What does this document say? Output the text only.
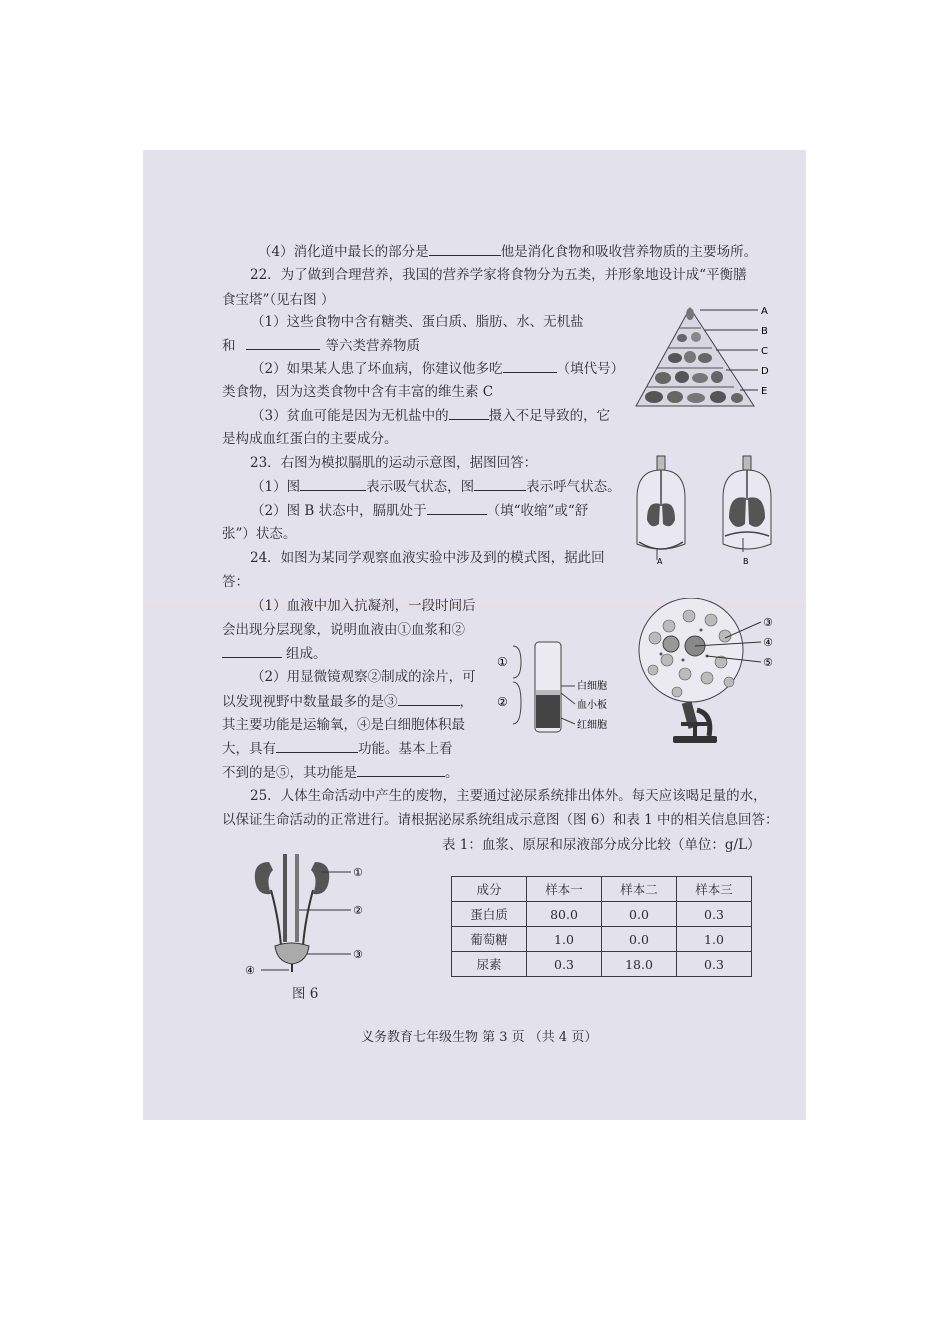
（4）消化道中最长的部分是	他是消化食物和吸收营养物质的主要场所。
22．为了做到合理营养，我国的营养学家将食物分为五类，并形象地设计成“平衡膳
食宝塔”（见右图 ）
（1）这些食物中含有糖类、蛋白质、脂肪、水、无机盐
和	等六类营养物质
（2）如果某人患了坏血病，你建议他多吃	（填代号）
类食物，因为这类食物中含有丰富的维生素 C
（3）贫血可能是因为无机盐中的	摄入不足导致的，它
是构成血红蛋白的主要成分。
A
B
C
D
E
23．右图为模拟膈肌的运动示意图，据图回答：
（1）图	表示吸气状态，图	表示呼气状态。
（2）图 B 状态中，膈肌处于	（填“收缩”或“舒
张”）状态。
A	B
24．如图为某同学观察血液实验中涉及到的模式图，据此回
答：
（1）血液中加入抗凝剂，一段时间后
会出现分层现象，说明血液由①血浆和②
组成。
（2）用显微镜观察②制成的涂片，可
以发现视野中数量最多的是③	，
其主要功能是运输氧，④是白细胞体积最
大，具有	功能。基本上看
不到的是⑤，其功能是	。
①
②
白细胞
血小板
红细胞
③
④
⑤
25．人体生命活动中产生的废物，主要通过泌尿系统排出体外。每天应该喝足量的水，
以保证生命活动的正常进行。请根据泌尿系统组成示意图（图 6）和表 1 中的相关信息回答：
表 1：血浆、原尿和尿液部分成分比较（单位：g/L）
①
②
③
④
图 6
成分	样本一	样本二	样本三
蛋白质	80.0	0.0	0.3
葡萄糖	1.0	0.0	1.0
尿素	0.3	18.0	0.3
义务教育七年级生物 第 3 页 （共 4 页）
